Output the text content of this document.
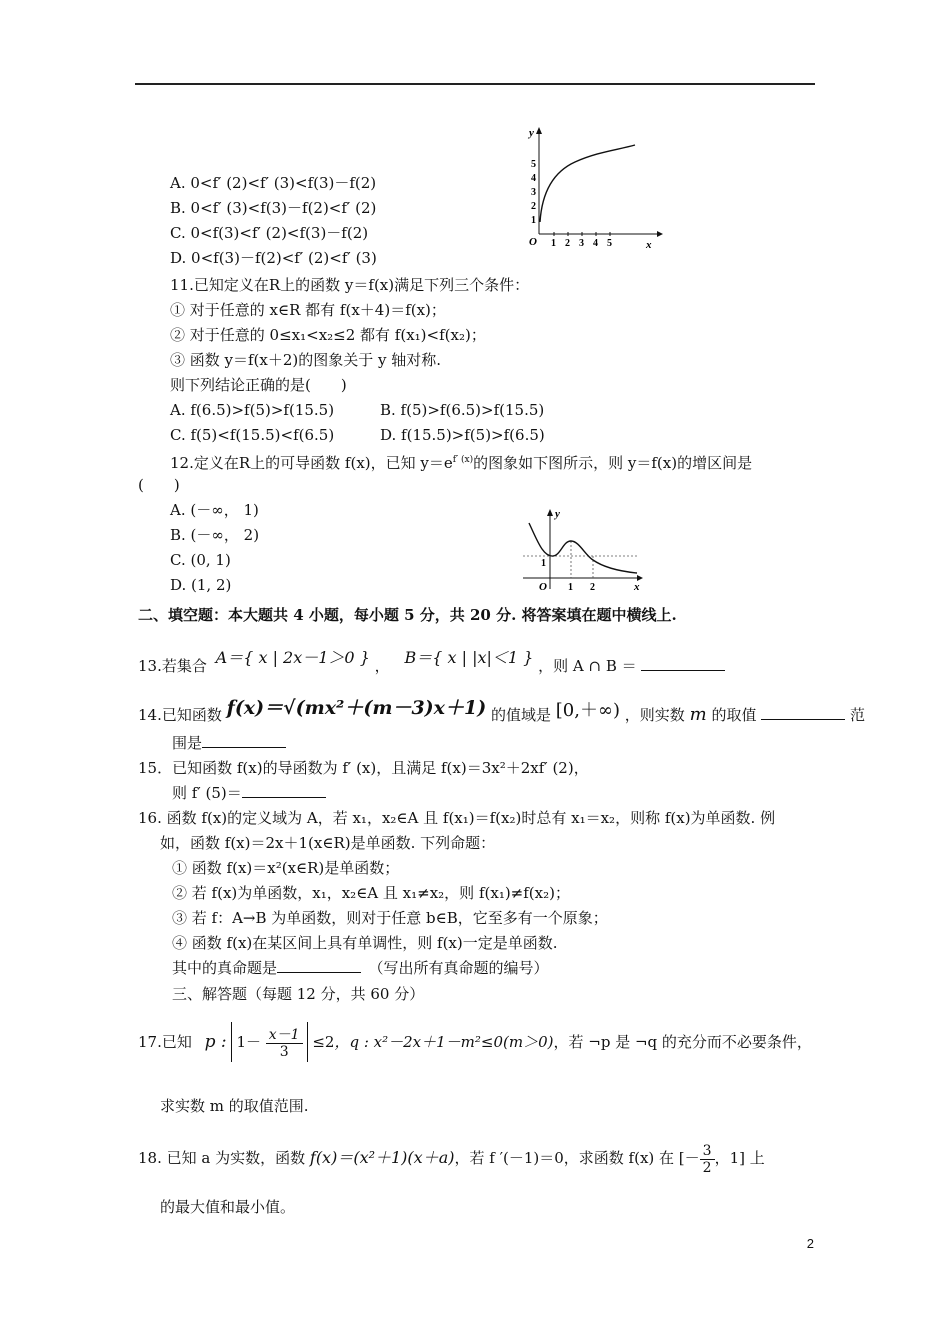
A. 0<f′ (2)<f′ (3)<f(3)－f(2)
B. 0<f′ (3)<f(3)－f(2)<f′ (2)
C. 0<f(3)<f′ (2)<f(3)－f(2)
D. 0<f(3)－f(2)<f′ (2)<f′ (3)
y
x
O
1
2
3
4
5
1 2 3 4 5
11.已知定义在R上的函数 y＝f(x)满足下列三个条件：
① 对于任意的 x∈R 都有 f(x＋4)＝f(x)；
② 对于任意的 0≤x₁<x₂≤2 都有 f(x₁)<f(x₂)；
③ 函数 y＝f(x＋2)的图象关于 y 轴对称.
则下列结论正确的是(　　)
A. f(6.5)>f(5)>f(15.5)	B. f(5)>f(6.5)>f(15.5)
C. f(5)<f(15.5)<f(6.5)	D. f(15.5)>f(5)>f(6.5)
12.定义在R上的可导函数 f(x)，已知 $y=e^{f' (x)}$的图象如下图所示，则 y＝f(x)的增区间是
(　　)
A. (－∞， 1)
B. (－∞， 2)
C. (0, 1)
D. (1, 2)
y
x
O
1
1 2
二、填空题：本大题共 4 小题，每小题 5 分，共 20 分. 将答案填在题中横线上.
13.若集合 A＝{ x | 2x－1＞0 } ， B＝{ x | |x|＜1 } ，则 A ∩ B ＝
14.已知函数 f(x)＝√(mx²＋(m－3)x＋1) 的值域是 [0,＋∞) ，则实数 m 的取值	范
围是
15．已知函数 f(x)的导函数为 f′ (x)，且满足 f(x)＝3x²＋2xf′ (2)，
则 f′ (5)＝
16. 函数 f(x)的定义域为 A，若 x₁，x₂∈A 且 f(x₁)＝f(x₂)时总有 x₁＝x₂，则称 f(x)为单函数. 例
如，函数 f(x)＝2x＋1(x∈R)是单函数. 下列命题：
① 函数 f(x)＝x²(x∈R)是单函数；
② 若 f(x)为单函数，x₁，x₂∈A 且 x₁≠x₂，则 f(x₁)≠f(x₂)；
③ 若 f：A→B 为单函数，则对于任意 b∈B，它至多有一个原象；
④ 函数 f(x)在某区间上具有单调性，则 f(x)一定是单函数.
其中的真命题是　	（写出所有真命题的编号）
三、解答题（每题 12 分，共 60 分）
17.已知 p : $1- \frac{x-1}{3} \le 2$，q : x²－2x＋1－m²≤0(m＞0)，若 ¬p 是 ¬q 的充分而不必要条件，
求实数 m 的取值范围.
18. 已知 a 为实数，函数 f(x)＝(x²＋1)(x＋a)，若 f ′(－1)＝0，求函数 f(x) 在 [－ $\frac{3}{2}$ ，1] 上
的最大值和最小值。
2
